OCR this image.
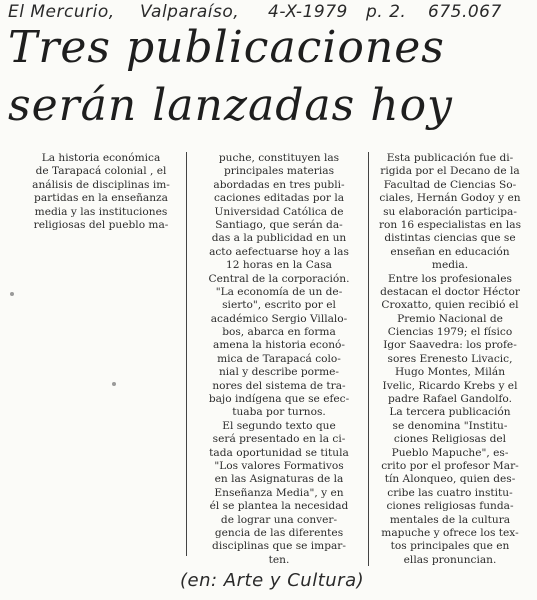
El Mercurio, Valparaíso, 4-X-1979 p. 2. 675.067
Tres publicaciones
serán lanzadas hoy
La historia económica
de Tarapacá colonial , el
análisis de disciplinas im-
partidas en la enseñanza
media y las instituciones
religiosas del pueblo ma-
puche, constituyen las
principales materias
abordadas en tres publi-
caciones editadas por la
Universidad Católica de
Santiago, que serán da-
das a la publicidad en un
acto aefectuarse hoy a las
12 horas en la Casa
Central de la corporación.
"La economía de un de-
sierto", escrito por el
académico Sergio Villalo-
bos, abarca en forma
amena la historia econó-
mica de Tarapacá colo-
nial y describe porme-
nores del sistema de tra-
bajo indígena que se efec-
tuaba por turnos.
El segundo texto que
será presentado en la ci-
tada oportunidad se titula
"Los valores Formativos
en las Asignaturas de la
Enseñanza Media", y en
él se plantea la necesidad
de lograr una conver-
gencia de las diferentes
disciplinas que se impar-
ten.
Esta publicación fue di-
rigida por el Decano de la
Facultad de Ciencias So-
ciales, Hernán Godoy y en
su elaboración participa-
ron 16 especialistas en las
distintas ciencias que se
enseñan en educación
media.
Entre los profesionales
destacan el doctor Héctor
Croxatto, quien recibió el
Premio Nacional de
Ciencias 1979; el físico
Igor Saavedra: los profe-
sores Erenesto Livacic,
Hugo Montes, Milán
Ivelic, Ricardo Krebs y el
padre Rafael Gandolfo.
La tercera publicación
se denomina "Institu-
ciones Religiosas del
Pueblo Mapuche", es-
crito por el profesor Mar-
tín Alonqueo, quien des-
cribe las cuatro institu-
ciones religiosas funda-
mentales de la cultura
mapuche y ofrece los tex-
tos principales que en
ellas pronuncian.
(en: Arte y Cultura)
